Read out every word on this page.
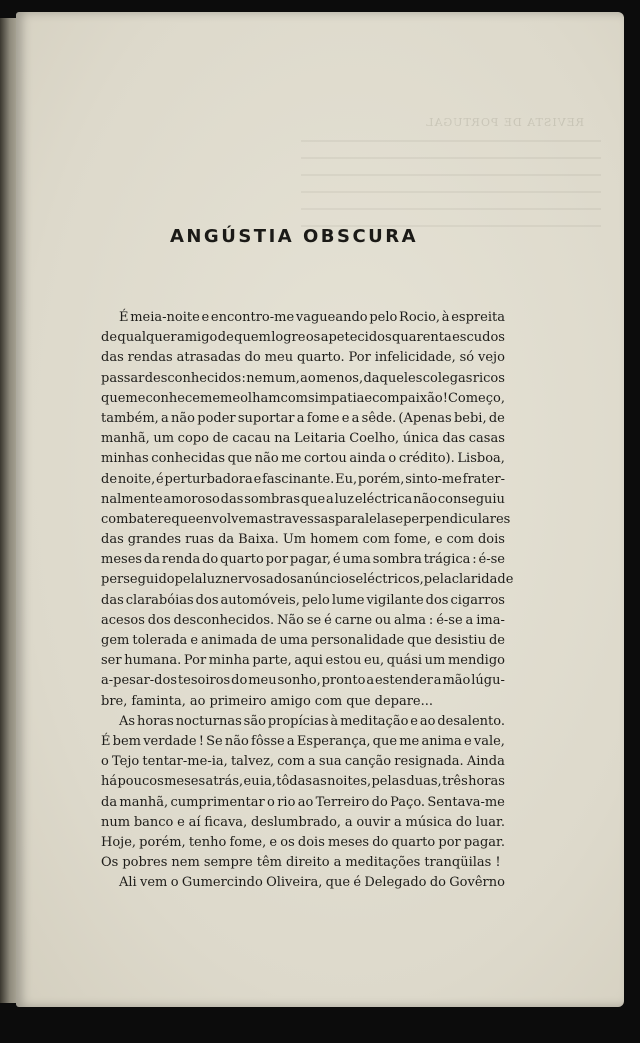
REVISTA DE PORTUGAL
ANGÚSTIA OBSCURA
É meia-noite e encontro-me vagueando pelo Rocio, à espreita
de qualquer amigo de quem logre os apetecidos quarenta escudos
das rendas atrasadas do meu quarto. Por infelicidade, só vejo
passar desconhecidos : nem um, ao menos, daqueles colegas ricos
que me conhecem e me olham com simpatia e compaixão ! Começo,
também, a não poder suportar a fome e a sêde. (Apenas bebi, de
manhã, um copo de cacau na Leitaria Coelho, única das casas
minhas conhecidas que não me cortou ainda o crédito). Lisboa,
de noite, é perturbadora e fascinante. Eu, porém, sinto-me frater-
nalmente amoroso das sombras que a luz eléctrica não conseguiu
combater e que envolvem as travessas paralelas e perpendiculares
das grandes ruas da Baixa. Um homem com fome, e com dois
meses da renda do quarto por pagar, é uma sombra trágica : é-se
perseguido pela luz nervosa dos anúncios eléctricos, pela claridade
das clarabóias dos automóveis, pelo lume vigilante dos cigarros
acesos dos desconhecidos. Não se é carne ou alma : é-se a ima-
gem tolerada e animada de uma personalidade que desistiu de
ser humana. Por minha parte, aqui estou eu, quási um mendigo
a-pesar-dos tesoiros do meu sonho, pronto a estender a mão lúgu-
bre, faminta, ao primeiro amigo com que depare...
As horas nocturnas são propícias à meditação e ao desalento.
É bem verdade ! Se não fôsse a Esperança, que me anima e vale,
o Tejo tentar-me-ia, talvez, com a sua canção resignada. Ainda
há poucos meses atrás, eu ia, tôdas as noites, pelas duas, três horas
da manhã, cumprimentar o rio ao Terreiro do Paço. Sentava-me
num banco e aí ficava, deslumbrado, a ouvir a música do luar.
Hoje, porém, tenho fome, e os dois meses do quarto por pagar.
Os pobres nem sempre têm direito a meditações tranqüilas !
Ali vem o Gumercindo Oliveira, que é Delegado do Govêrno
